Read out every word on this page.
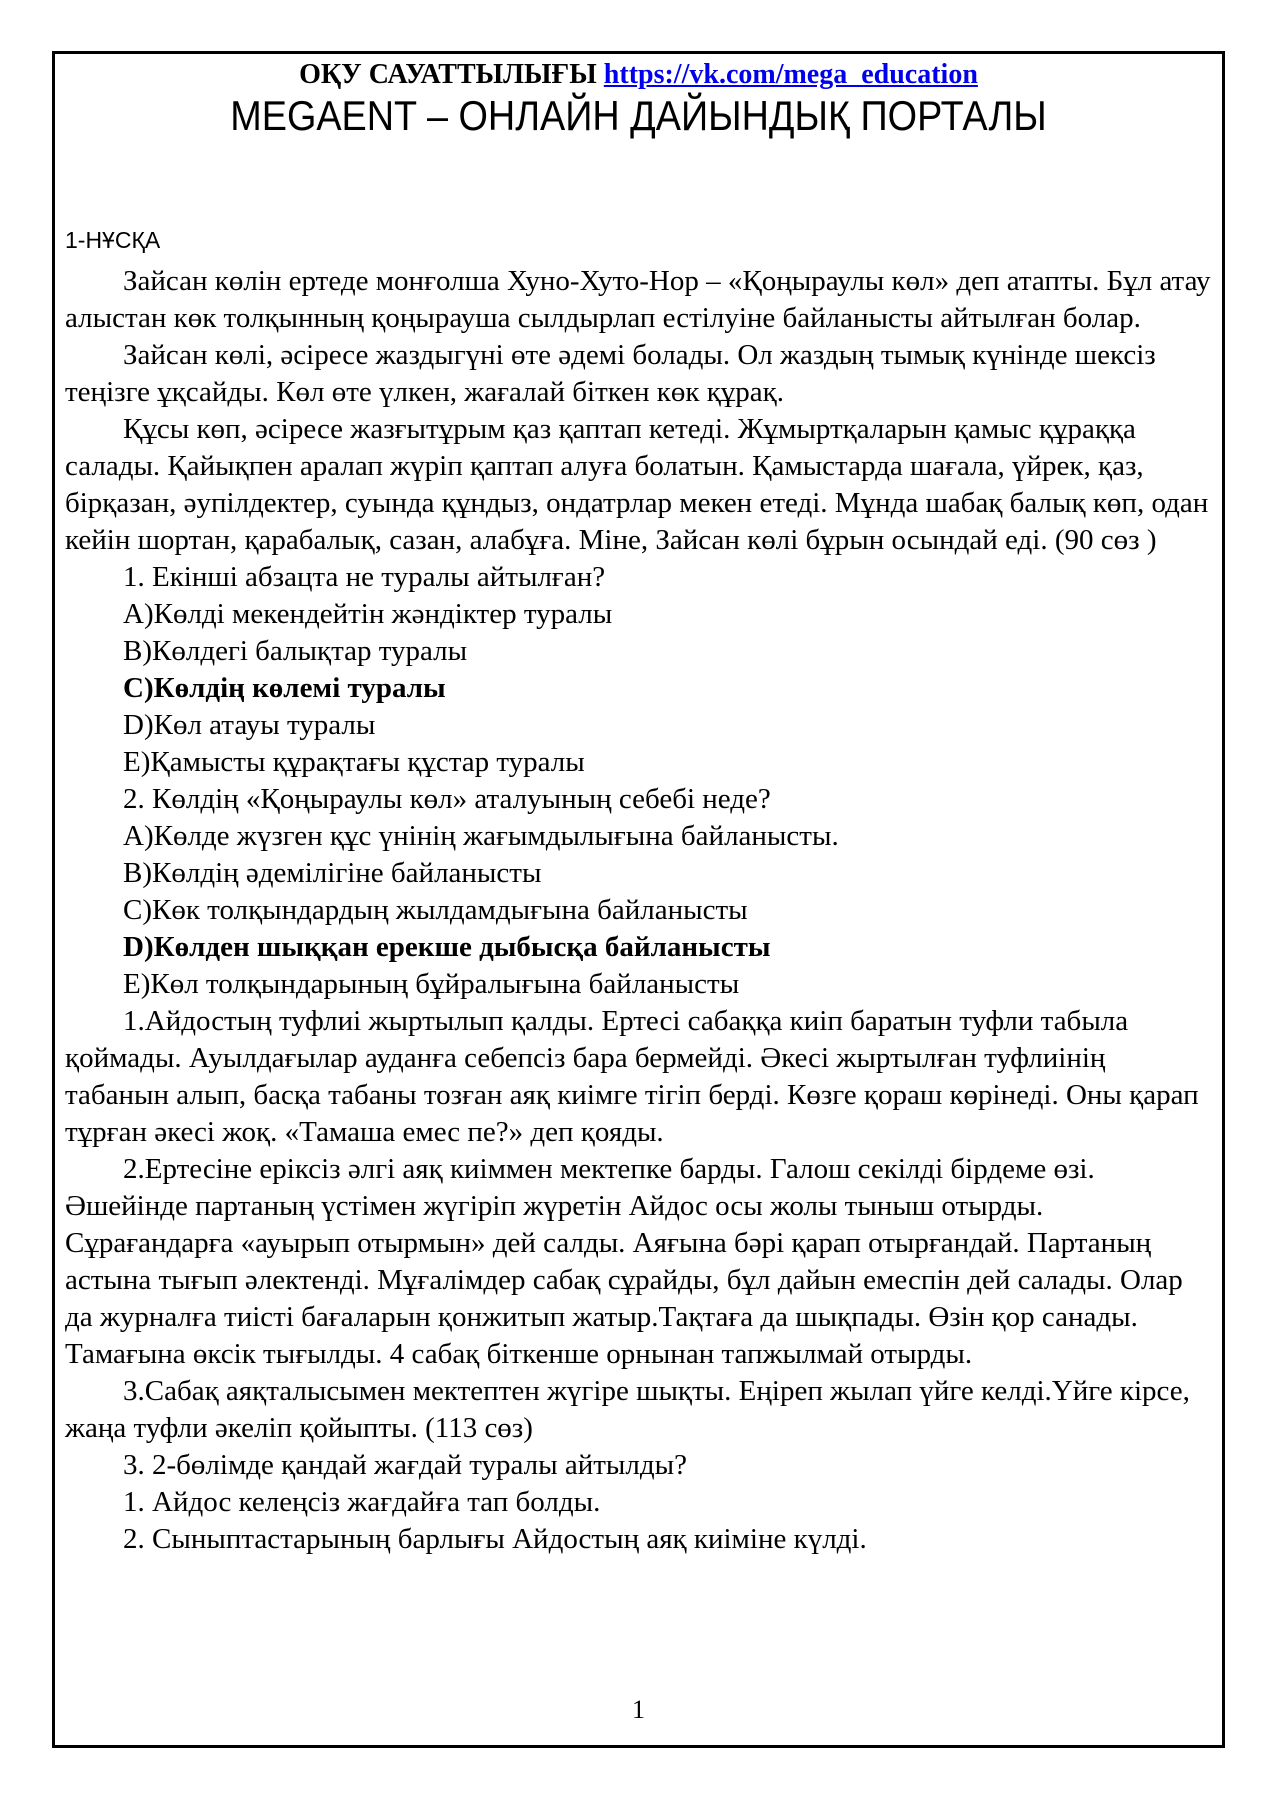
ОҚУ САУАТТЫЛЫҒЫ https://vk.com/mega_education
MEGAENT – ОНЛАЙН ДАЙЫНДЫҚ ПОРТАЛЫ
1-НҰСҚА

Зайсан көлін ертеде монғолша Хуно-Хуто-Нор – «Қоңыраулы көл» деп атапты. Бұл атау алыстан көк толқынның қоңырауша сылдырлап естілуіне байланысты айтылған болар.

Зайсан көлі, әсіресе жаздыгүні өте әдемі болады. Ол жаздың тымық күнінде шексіз теңізге ұқсайды. Көл өте үлкен, жағалай біткен көк құрақ.

Құсы көп, әсіресе жазғытұрым қаз қаптап кетеді. Жұмыртқаларын қамыс құраққа салады. Қайықпен аралап жүріп қаптап алуға болатын. Қамыстарда шағала, үйрек, қаз, бірқазан, әупілдектер, суында құндыз, ондатрлар мекен етеді. Мұнда шабақ балық көп, одан кейін шортан, қарабалық, сазан, алабұға. Міне, Зайсан көлі бұрын осындай еді. (90 сөз )

1. Екінші абзацта не туралы айтылған?

А)Көлді мекендейтін жәндіктер туралы

В)Көлдегі балықтар туралы

С)Көлдің көлемі туралы

D)Көл атауы туралы

Е)Қамысты құрақтағы құстар туралы

2. Көлдің «Қоңыраулы көл» аталуының себебі неде?

А)Көлде жүзген құс үнінің жағымдылығына байланысты.

В)Көлдің әдемілігіне байланысты

С)Көк толқындардың жылдамдығына байланысты

D)Көлден шыққан ерекше дыбысқа байланысты

Е)Көл толқындарының бұйралығына байланысты

1.Айдостың туфлиі жыртылып қалды. Ертесі сабаққа киіп баратын туфли табыла қоймады. Ауылдағылар ауданға себепсіз бара бермейді. Әкесі жыртылған туфлиінің табанын алып, басқа табаны тозған аяқ киімге тігіп берді. Көзге қораш көрінеді. Оны қарап тұрған әкесі жоқ. «Тамаша емес пе?» деп қояды.

2.Ертесіне еріксіз әлгі аяқ киіммен мектепке барды. Галош секілді бірдеме өзі. Әшейінде партаның үстімен жүгіріп жүретін Айдос осы жолы тыныш отырды. Сұрағандарға «ауырып отырмын» дей салды. Аяғына бәрі қарап отырғандай. Партаның астына тығып әлектенді. Мұғалімдер сабақ сұрайды, бұл дайын емеспін дей салады. Олар да журналға тиісті бағаларын қонжитып жатыр.Тақтаға да шықпады. Өзін қор санады. Тамағына өксік тығылды. 4 сабақ біткенше орнынан тапжылмай отырды.

3.Сабақ аяқталысымен мектептен жүгіре шықты. Еңіреп жылап үйге келді.Үйге кірсе, жаңа туфли әкеліп қойыпты. (113 сөз)

3. 2-бөлімде қандай жағдай туралы айтылды?

1. Айдос келеңсіз жағдайға тап болды.

2. Сыныптастарының барлығы Айдостың аяқ киіміне күлді.

1
